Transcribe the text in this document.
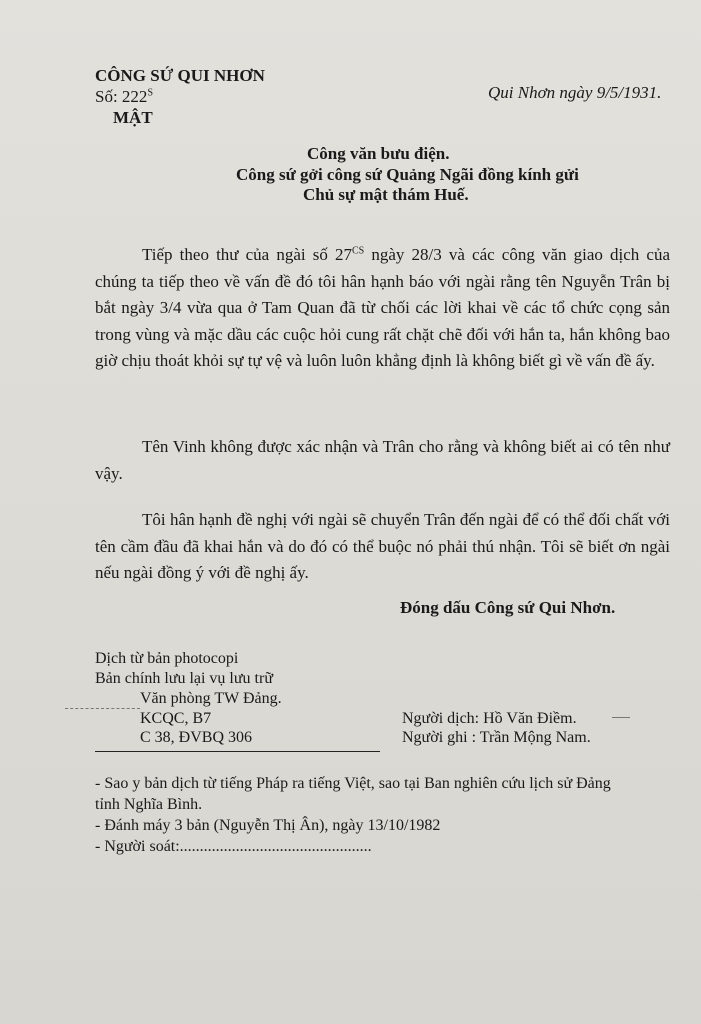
CÔNG SỨ QUI NHƠN
Số: $222^S$
MẬT
Qui Nhơn ngày 9/5/1931.
Công văn bưu điện.
Công sứ gởi công sứ Quảng Ngãi đồng kính gửi
Chủ sự mật thám Huế.

Tiếp theo thư của ngài số $27^{CS}$ ngày 28/3 và các công văn giao dịch của chúng ta tiếp theo về vấn đề đó tôi hân hạnh báo với ngài rằng tên Nguyễn Trân bị bắt ngày 3/4 vừa qua ở Tam Quan đã từ chối các lời khai về các tổ chức cọng sản trong vùng và mặc dầu các cuộc hỏi cung rất chặt chẽ đối với hắn ta, hắn không bao giờ chịu thoát khỏi sự tự vệ và luôn luôn khẳng định là không biết gì về vấn đề ấy.

Tên Vinh không được xác nhận và Trân cho rằng và không biết ai có tên như vậy.

Tôi hân hạnh đề nghị với ngài sẽ chuyển Trân đến ngài để có thể đối chất với tên cầm đầu đã khai hắn và do đó có thể buộc nó phải thú nhận. Tôi sẽ biết ơn ngài nếu ngài đồng ý với đề nghị ấy.

Đóng dấu Công sứ Qui Nhơn.
Dịch từ bản photocopi
Bản chính lưu lại vụ lưu trữ
Văn phòng TW Đảng.
KCQC, B7
C 38, ĐVBQ 306
Người dịch: Hồ Văn Điềm.
Người ghi : Trần Mộng Nam.
- Sao y bản dịch từ tiếng Pháp ra tiếng Việt, sao tại Ban nghiên cứu lịch sử Đảng
tỉnh Nghĩa Bình.
- Đánh máy 3 bản (Nguyễn Thị Ân), ngày 13/10/1982
- Người soát:................................................
